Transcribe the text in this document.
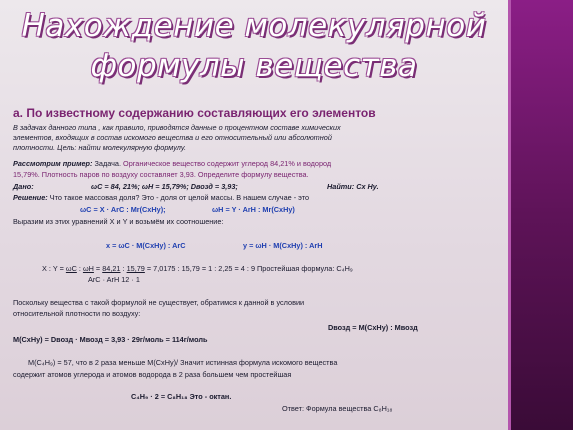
Нахождение молекулярной
формулы вещества
а. По известному содержанию составляющих его элементов
В задачах данного типа , как правило, приводятся данные о процентном составе химических
элементов, входящих в состав искомого вещества и его относительный или абсолютной
плотности. Цель: найти молекулярную формулу.
Рассмотрим пример: Задача. Органическое вещество содержит углерод 84,21% и водород
15,79%. Плотность паров по воздуху составляет 3,93. Определите формулу вещества.
Дано:	ωC = 84, 21%; ωH = 15,79%; Dвозд = 3,93;	Найти: Cx Hy.
Решение: Что такое массовая доля? Это - доля от целой массы. В нашем случае - это
ωC = X · ArC : Mr(CxHy);	ωH = Y · ArH : Mr(CxHy)
Выразим из этих уравнений X и Y и возьмём их соотношение:
x = ωC · M(CxHy) : ArC	y = ωH · M(CxHy) : ArH
X : Y = ωC : ωH = 84,21 : 15,79 = 7,0175 : 15,79 = 1 : 2,25 = 4 : 9 Простейшая формула: C₄H₉
ArC · ArH 12 · 1
Поскольку вещества с такой формулой не существует, обратимся к данной в условии
относительной плотности по воздуху:
Dвозд = M(CxHy) : Mвозд
M(CxHy) = Dвозд · Mвозд = 3,93 · 29г/моль = 114г/моль
M(C₄H₉) = 57, что в 2 раза меньше M(CxHy)/ Значит истинная формула искомого вещества
содержит атомов углерода и атомов водорода в 2 раза большем чем простейшая
C₄H₉ · 2 = C₈H₁₈ Это - октан.
Ответ: Формула вещества C₈H₁₈
